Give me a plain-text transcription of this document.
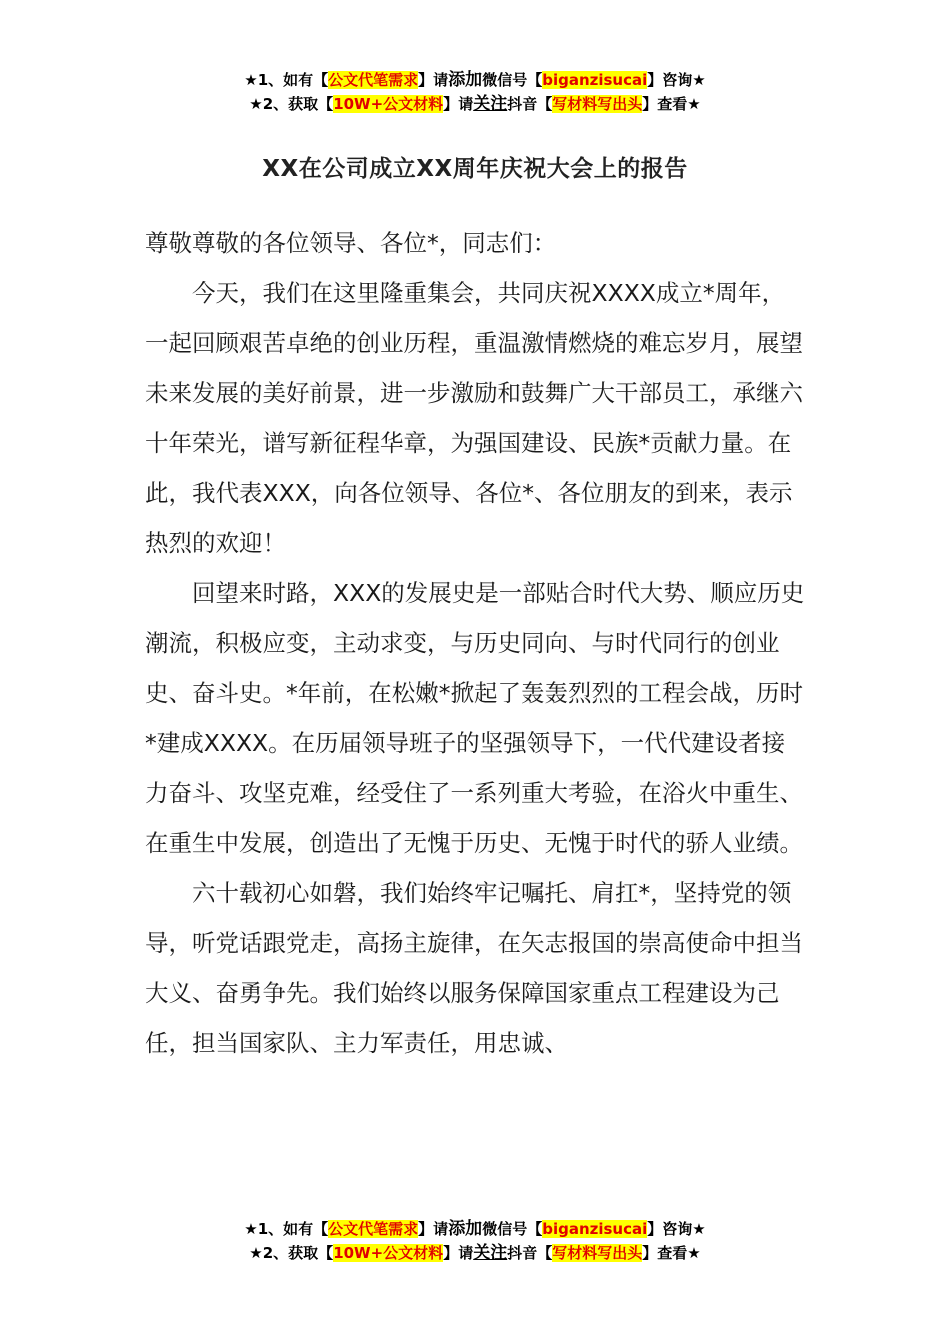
★1、如有【公文代笔需求】请添加微信号【biganzisucai】咨询★
★2、获取【10W+公文材料】请关注抖音【写材料写出头】查看★
XX在公司成立XX周年庆祝大会上的报告

尊敬尊敬的各位领导、各位*，同志们：

今天，我们在这里隆重集会，共同庆祝XXXX成立*周年，一起回顾艰苦卓绝的创业历程，重温激情燃烧的难忘岁月，展望未来发展的美好前景，进一步激励和鼓舞广大干部员工，承继六十年荣光，谱写新征程华章，为强国建设、民族*贡献力量。在此，我代表XXX，向各位领导、各位*、各位朋友的到来，表示热烈的欢迎！

回望来时路，XXX的发展史是一部贴合时代大势、顺应历史潮流，积极应变，主动求变，与历史同向、与时代同行的创业史、奋斗史。*年前，在松嫩*掀起了轰轰烈烈的工程会战，历时*建成XXXX。在历届领导班子的坚强领导下，一代代建设者接力奋斗、攻坚克难，经受住了一系列重大考验，在浴火中重生、在重生中发展，创造出了无愧于历史、无愧于时代的骄人业绩。

六十载初心如磐，我们始终牢记嘱托、肩扛*，坚持党的领导，听党话跟党走，高扬主旋律，在矢志报国的崇高使命中担当大义、奋勇争先。我们始终以服务保障国家重点工程建设为己任，担当国家队、主力军责任，用忠诚、

★1、如有【公文代笔需求】请添加微信号【biganzisucai】咨询★
★2、获取【10W+公文材料】请关注抖音【写材料写出头】查看★
